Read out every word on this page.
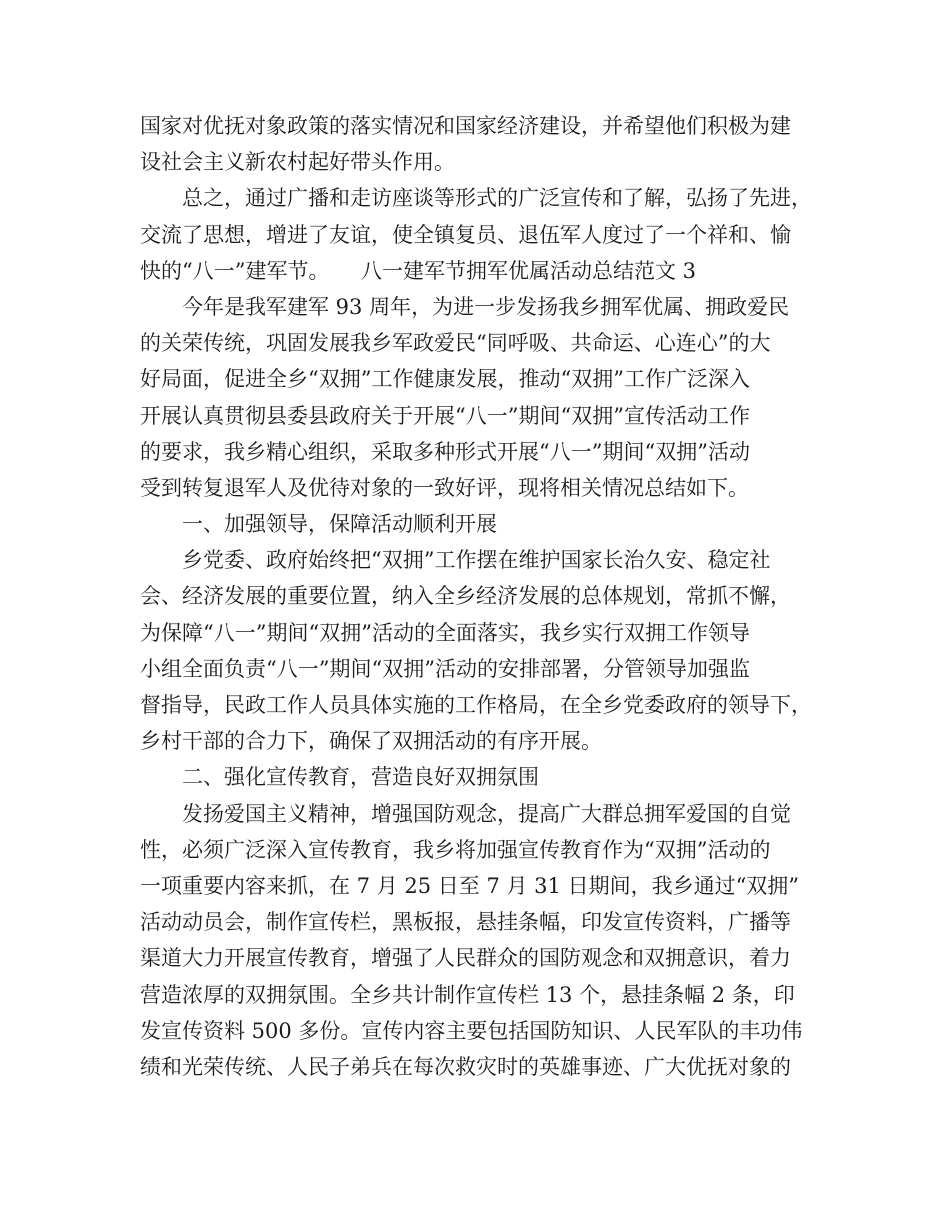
国家对优抚对象政策的落实情况和国家经济建设，并希望他们积极为建
设社会主义新农村起好带头作用。
总之，通过广播和走访座谈等形式的广泛宣传和了解，弘扬了先进，
交流了思想，增进了友谊，使全镇复员、退伍军人度过了一个祥和、愉
快的“八一”建军节。　　八一建军节拥军优属活动总结范文 3
今年是我军建军 93 周年，为进一步发扬我乡拥军优属、拥政爱民
的关荣传统，巩固发展我乡军政爱民“同呼吸、共命运、心连心”的大
好局面，促进全乡“双拥”工作健康发展，推动“双拥”工作广泛深入
开展认真贯彻县委县政府关于开展“八一”期间“双拥”宣传活动工作
的要求，我乡精心组织，采取多种形式开展“八一”期间“双拥”活动
受到转复退军人及优待对象的一致好评，现将相关情况总结如下。
一、加强领导，保障活动顺利开展
乡党委、政府始终把“双拥”工作摆在维护国家长治久安、稳定社
会、经济发展的重要位置，纳入全乡经济发展的总体规划，常抓不懈，
为保障“八一”期间“双拥”活动的全面落实，我乡实行双拥工作领导
小组全面负责“八一”期间“双拥”活动的安排部署，分管领导加强监
督指导，民政工作人员具体实施的工作格局，在全乡党委政府的领导下，
乡村干部的合力下，确保了双拥活动的有序开展。
二、强化宣传教育，营造良好双拥氛围
发扬爱国主义精神，增强国防观念，提高广大群总拥军爱国的自觉
性，必须广泛深入宣传教育，我乡将加强宣传教育作为“双拥”活动的
一项重要内容来抓，在 7 月 25 日至 7 月 31 日期间，我乡通过“双拥”
活动动员会，制作宣传栏，黑板报，悬挂条幅，印发宣传资料，广播等
渠道大力开展宣传教育，增强了人民群众的国防观念和双拥意识，着力
营造浓厚的双拥氛围。全乡共计制作宣传栏 13 个，悬挂条幅 2 条，印
发宣传资料 500 多份。宣传内容主要包括国防知识、人民军队的丰功伟
绩和光荣传统、人民子弟兵在每次救灾时的英雄事迹、广大优抚对象的
